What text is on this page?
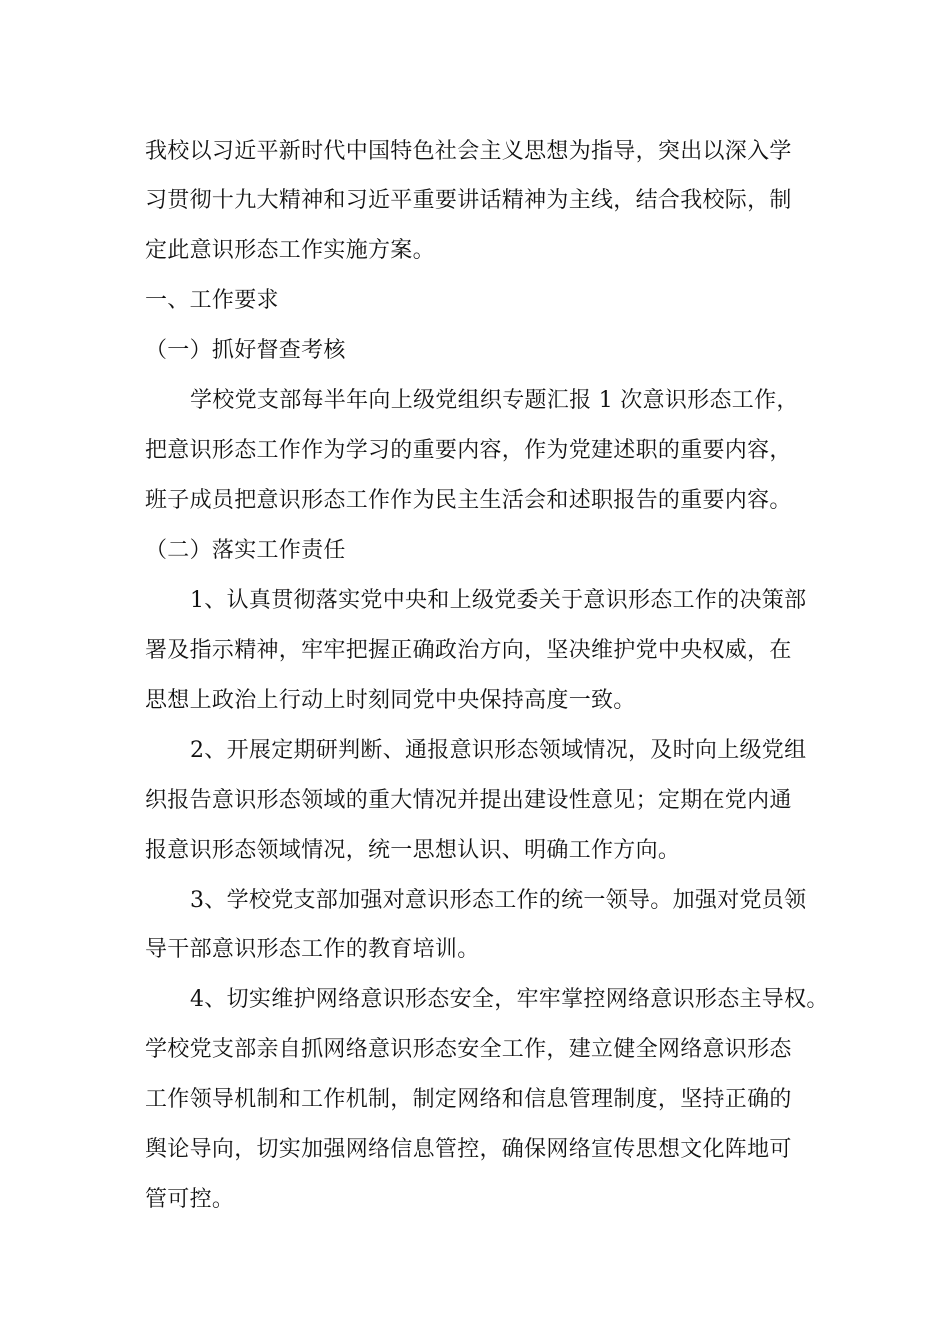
我校以习近平新时代中国特色社会主义思想为指导，突出以深入学
习贯彻十九大精神和习近平重要讲话精神为主线，结合我校际，制
定此意识形态工作实施方案。
一、工作要求
（一）抓好督查考核
学校党支部每半年向上级党组织专题汇报 1 次意识形态工作，
把意识形态工作作为学习的重要内容，作为党建述职的重要内容，
班子成员把意识形态工作作为民主生活会和述职报告的重要内容。
（二）落实工作责任
1、认真贯彻落实党中央和上级党委关于意识形态工作的决策部
署及指示精神，牢牢把握正确政治方向，坚决维护党中央权威，在
思想上政治上行动上时刻同党中央保持高度一致。
2、开展定期研判断、通报意识形态领域情况，及时向上级党组
织报告意识形态领域的重大情况并提出建设性意见；定期在党内通
报意识形态领域情况，统一思想认识、明确工作方向。
3、学校党支部加强对意识形态工作的统一领导。加强对党员领
导干部意识形态工作的教育培训。
4、切实维护网络意识形态安全，牢牢掌控网络意识形态主导权。
学校党支部亲自抓网络意识形态安全工作，建立健全网络意识形态
工作领导机制和工作机制，制定网络和信息管理制度，坚持正确的
舆论导向，切实加强网络信息管控，确保网络宣传思想文化阵地可
管可控。
